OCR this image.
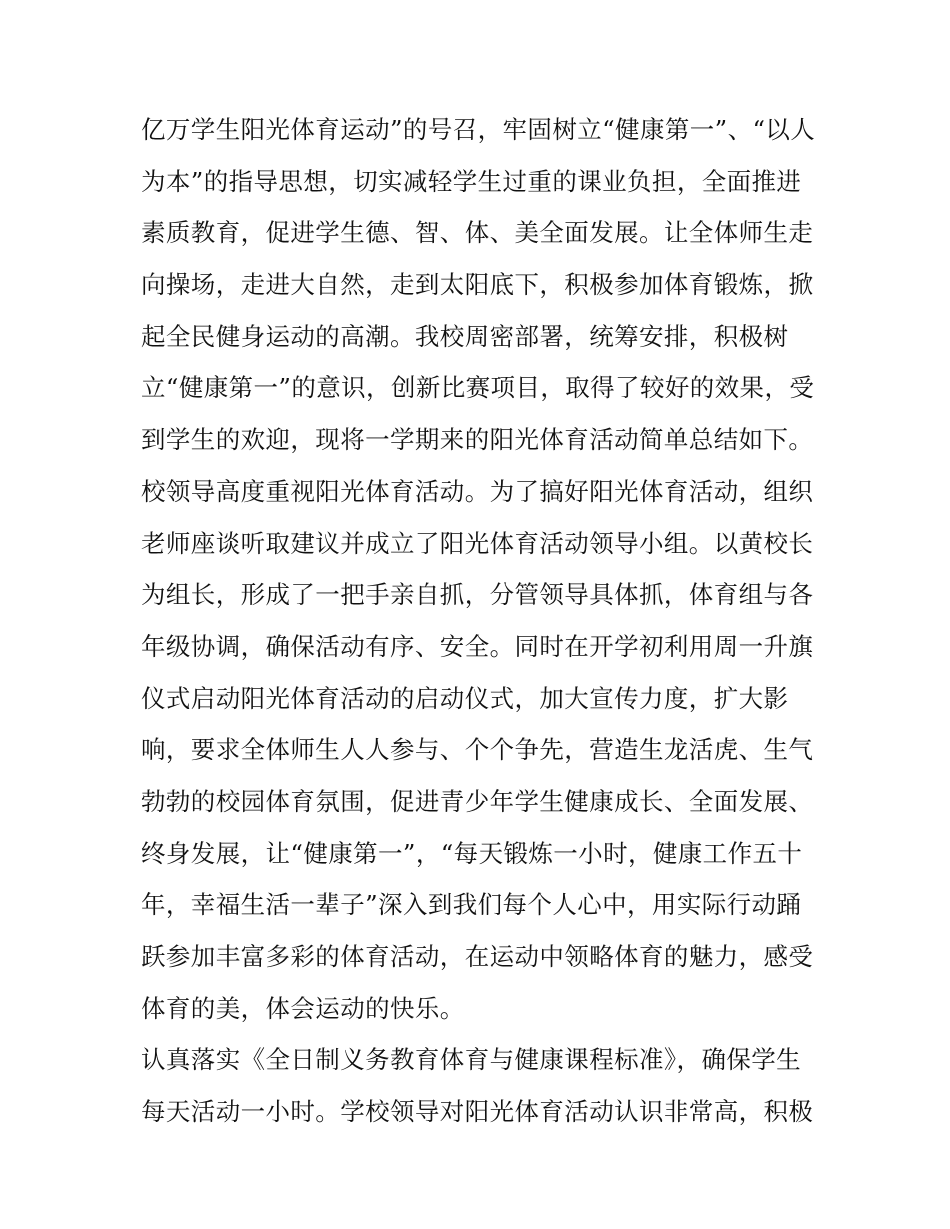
亿万学生阳光体育运动”的号召，牢固树立“健康第一”、“以人
为本”的指导思想，切实减轻学生过重的课业负担，全面推进
素质教育，促进学生德、智、体、美全面发展。让全体师生走
向操场，走进大自然，走到太阳底下，积极参加体育锻炼，掀
起全民健身运动的高潮。我校周密部署，统筹安排，积极树
立“健康第一”的意识，创新比赛项目，取得了较好的效果，受
到学生的欢迎，现将一学期来的阳光体育活动简单总结如下。
校领导高度重视阳光体育活动。为了搞好阳光体育活动，组织
老师座谈听取建议并成立了阳光体育活动领导小组。以黄校长
为组长，形成了一把手亲自抓，分管领导具体抓，体育组与各
年级协调，确保活动有序、安全。同时在开学初利用周一升旗
仪式启动阳光体育活动的启动仪式，加大宣传力度，扩大影
响，要求全体师生人人参与、个个争先，营造生龙活虎、生气
勃勃的校园体育氛围，促进青少年学生健康成长、全面发展、
终身发展，让“健康第一”，“每天锻炼一小时，健康工作五十
年，幸福生活一辈子”深入到我们每个人心中，用实际行动踊
跃参加丰富多彩的体育活动，在运动中领略体育的魅力，感受
体育的美，体会运动的快乐。
认真落实《全日制义务教育体育与健康课程标准》，确保学生
每天活动一小时。学校领导对阳光体育活动认识非常高，积极
